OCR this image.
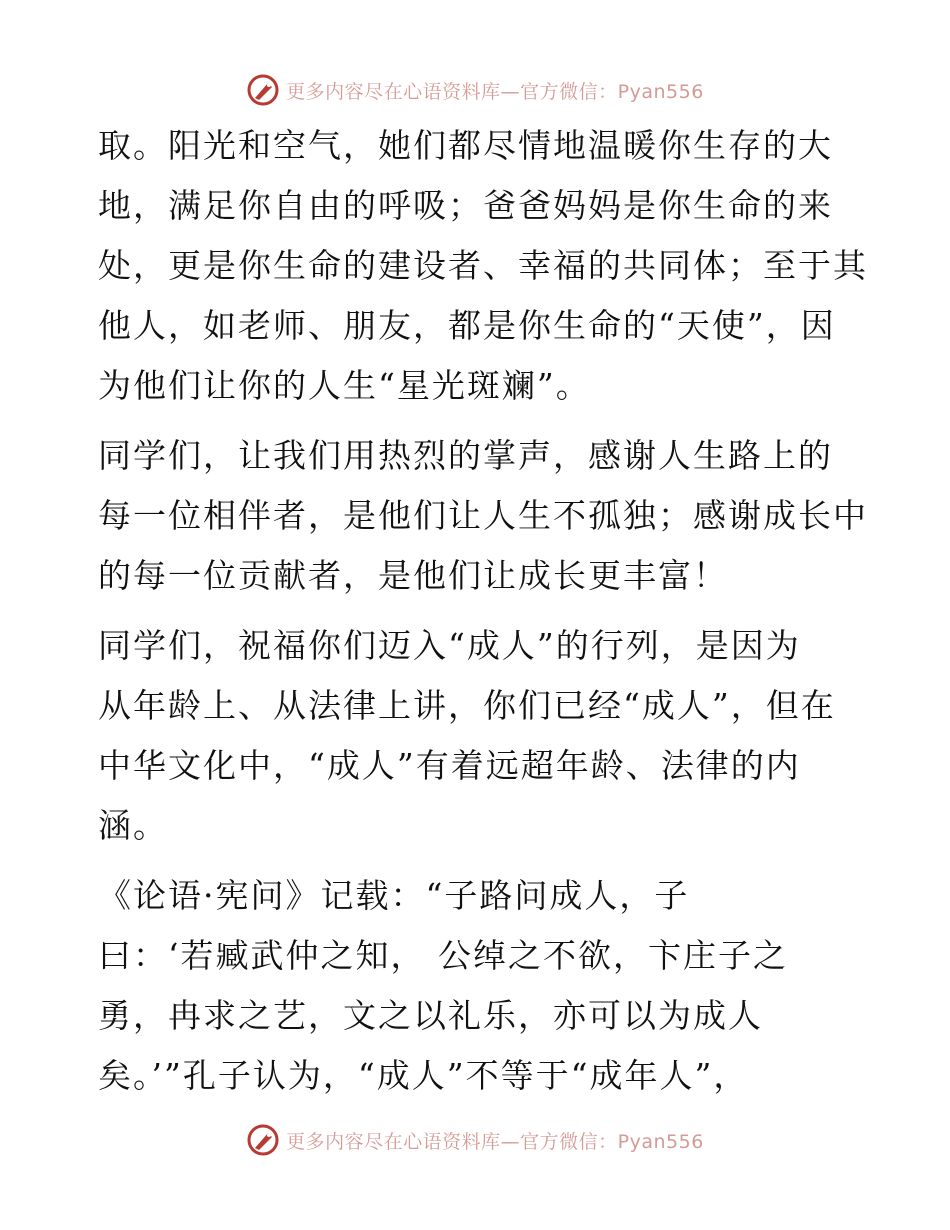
更多内容尽在心语资料库—官方微信：Pyan556

取。阳光和空气，她们都尽情地温暖你生存的大

地，满足你自由的呼吸；爸爸妈妈是你生命的来

处，更是你生命的建设者、幸福的共同体；至于其

他人，如老师、朋友，都是你生命的“天使”，因

为他们让你的人生“星光斑斓”。

同学们，让我们用热烈的掌声，感谢人生路上的

每一位相伴者，是他们让人生不孤独；感谢成长中

的每一位贡献者，是他们让成长更丰富！

同学们，祝福你们迈入“成人”的行列，是因为

从年龄上、从法律上讲，你们已经“成人”，但在

中华文化中，“成人”有着远超年龄、法律的内

涵。

《论语·宪问》记载：“子路问成人，子

曰：‘若臧武仲之知， 公绰之不欲，卞庄子之

勇，冉求之艺，文之以礼乐，亦可以为成人

矣。’”孔子认为，“成人”不等于“成年人”，

更多内容尽在心语资料库—官方微信：Pyan556
